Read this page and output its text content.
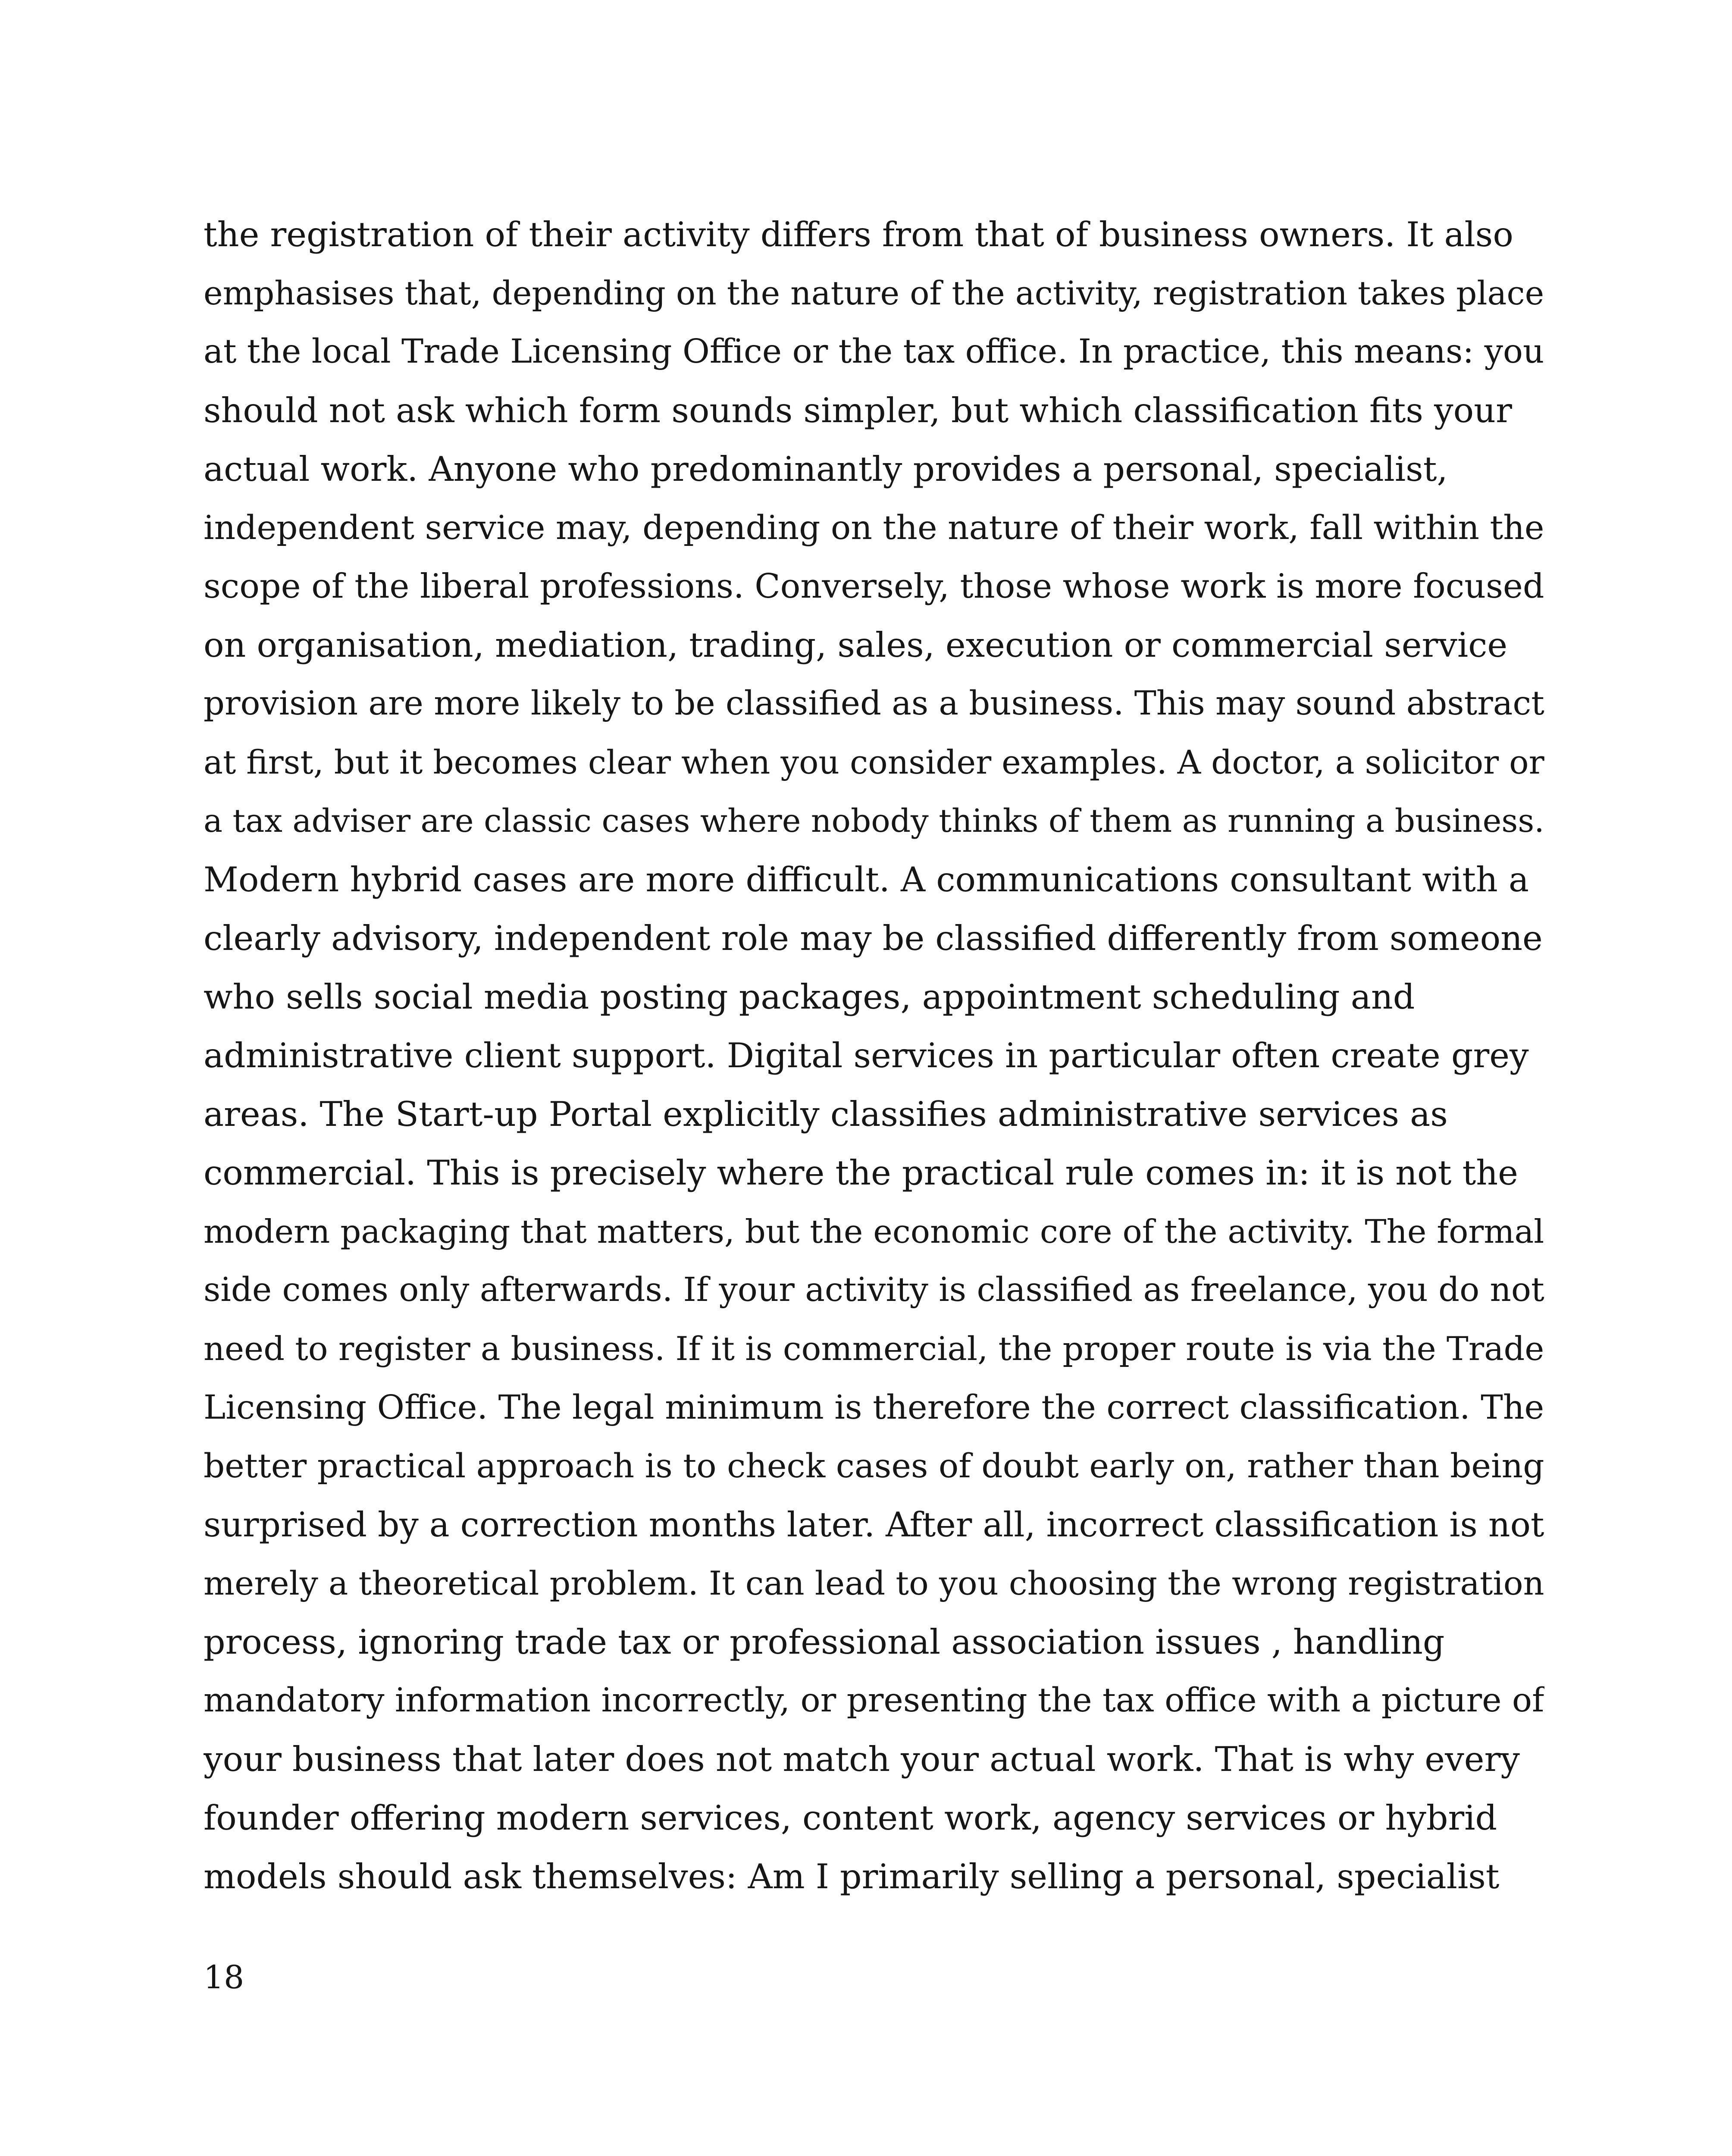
the registration of their activity differs from that of business owners. It also
emphasises that, depending on the nature of the activity, registration takes place
at the local Trade Licensing Office or the tax office. In practice, this means: you
should not ask which form sounds simpler, but which classification fits your
actual work. Anyone who predominantly provides a personal, specialist,
independent service may, depending on the nature of their work, fall within the
scope of the liberal professions. Conversely, those whose work is more focused
on organisation, mediation, trading, sales, execution or commercial service
provision are more likely to be classified as a business. This may sound abstract
at first, but it becomes clear when you consider examples. A doctor, a solicitor or
a tax adviser are classic cases where nobody thinks of them as running a business.
Modern hybrid cases are more difficult. A communications consultant with a
clearly advisory, independent role may be classified differently from someone
who sells social media posting packages, appointment scheduling and
administrative client support. Digital services in particular often create grey
areas. The Start-up Portal explicitly classifies administrative services as
commercial. This is precisely where the practical rule comes in: it is not the
modern packaging that matters, but the economic core of the activity. The formal
side comes only afterwards. If your activity is classified as freelance, you do not
need to register a business. If it is commercial, the proper route is via the Trade
Licensing Office. The legal minimum is therefore the correct classification. The
better practical approach is to check cases of doubt early on, rather than being
surprised by a correction months later. After all, incorrect classification is not
merely a theoretical problem. It can lead to you choosing the wrong registration
process, ignoring trade tax or professional association issues , handling
mandatory information incorrectly, or presenting the tax office with a picture of
your business that later does not match your actual work. That is why every
founder offering modern services, content work, agency services or hybrid
models should ask themselves: Am I primarily selling a personal, specialist
18
